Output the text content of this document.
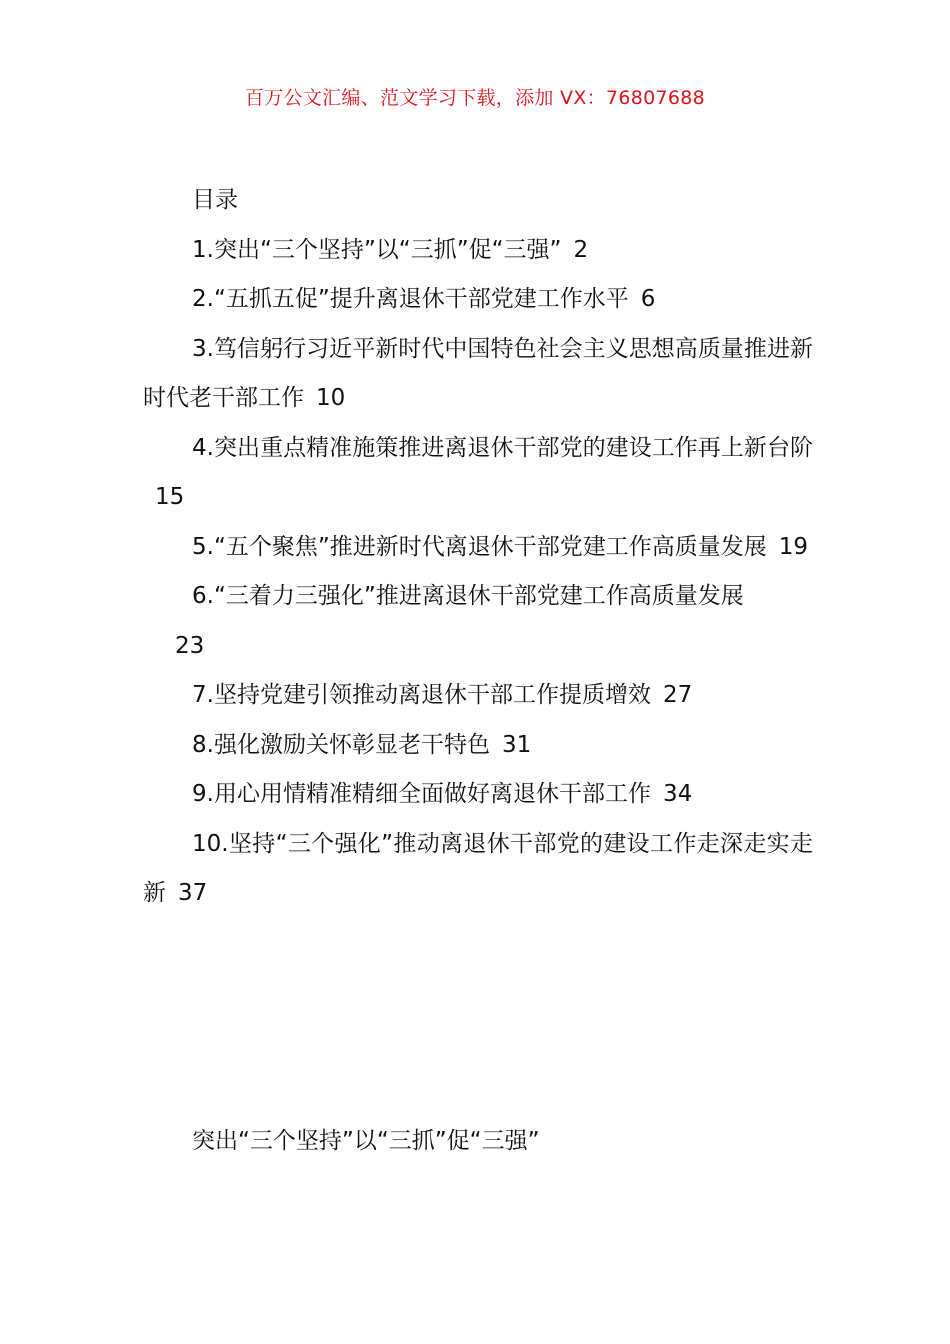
百万公文汇编、范文学习下载，添加 VX：76807688
目录
1.突出“三个坚持”以“三抓”促“三强” 2
2.“五抓五促”提升离退休干部党建工作水平 6
3.笃信躬行习近平新时代中国特色社会主义思想高质量推进新时代老干部工作 10
4.突出重点精准施策推进离退休干部党的建设工作再上新台阶15
5.“五个聚焦”推进新时代离退休干部党建工作高质量发展 19
6.“三着力三强化”推进离退休干部党建工作高质量发展
23
7.坚持党建引领推动离退休干部工作提质增效 27
8.强化激励关怀彰显老干特色 31
9.用心用情精准精细全面做好离退休干部工作 34
10.坚持“三个强化”推动离退休干部党的建设工作走深走实走新 37
突出“三个坚持”以“三抓”促“三强”
